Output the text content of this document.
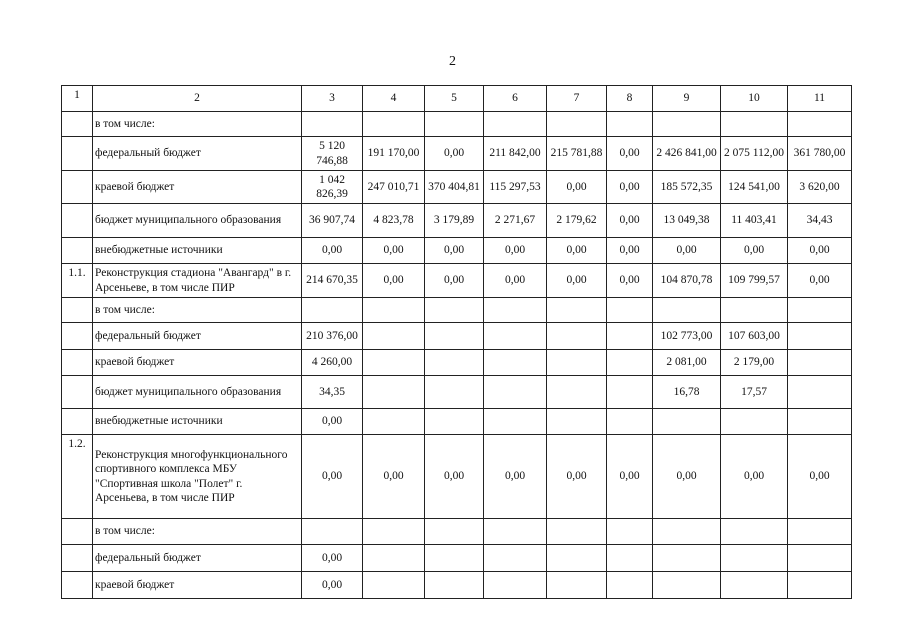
2
1	2	3	4	5	6	7	8	9	10	11
	в том числе:									
	федеральный бюджет	5 120 746,88	191 170,00	0,00	211 842,00	215 781,88	0,00	2 426 841,00	2 075 112,00	361 780,00
	краевой бюджет	1 042 826,39	247 010,71	370 404,81	115 297,53	0,00	0,00	185 572,35	124 541,00	3 620,00
	бюджет муниципального образования	36 907,74	4 823,78	3 179,89	2 271,67	2 179,62	0,00	13 049,38	11 403,41	34,43
	внебюджетные источники	0,00	0,00	0,00	0,00	0,00	0,00	0,00	0,00	0,00
1.1.	Реконструкция стадиона "Авангард" в г. Арсеньеве, в том числе ПИР	214 670,35	0,00	0,00	0,00	0,00	0,00	104 870,78	109 799,57	0,00
	в том числе:									
	федеральный бюджет	210 376,00						102 773,00	107 603,00	
	краевой бюджет	4 260,00						2 081,00	2 179,00	
	бюджет муниципального образования	34,35						16,78	17,57	
	внебюджетные источники	0,00								
1.2.	Реконструкция многофункционального спортивного комплекса МБУ "Спортивная школа "Полет" г. Арсеньева, в том числе ПИР	0,00	0,00	0,00	0,00	0,00	0,00	0,00	0,00	0,00
	в том числе:									
	федеральный бюджет	0,00								
	краевой бюджет	0,00								
